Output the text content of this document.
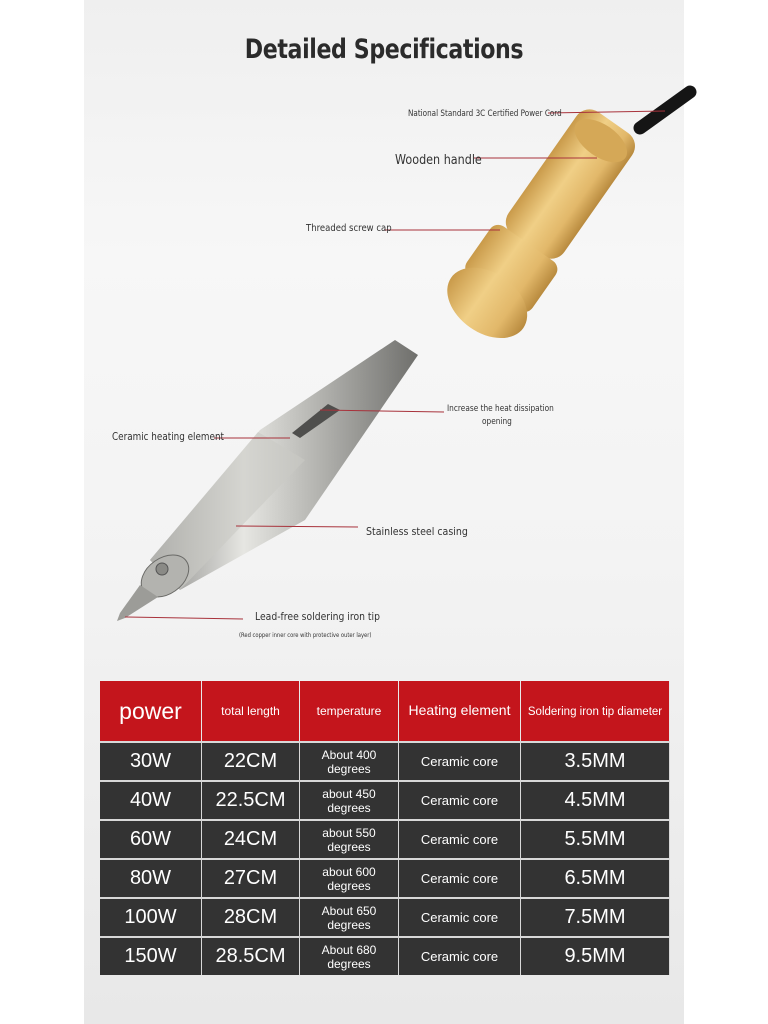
Detailed Specifications
National Standard 3C Certified Power Cord
Wooden handle
Threaded screw cap
Increase the heat dissipation
opening
Ceramic heating element
Stainless steel casing
Lead-free soldering iron tip
(Red copper inner core with protective outer layer)
power	total length	temperature	Heating element	Soldering iron tip diameter
30W	22CM	About 400 degrees	Ceramic core	3.5MM
40W	22.5CM	about 450 degrees	Ceramic core	4.5MM
60W	24CM	about 550 degrees	Ceramic core	5.5MM
80W	27CM	about 600 degrees	Ceramic core	6.5MM
100W	28CM	About 650 degrees	Ceramic core	7.5MM
150W	28.5CM	About 680 degrees	Ceramic core	9.5MM
